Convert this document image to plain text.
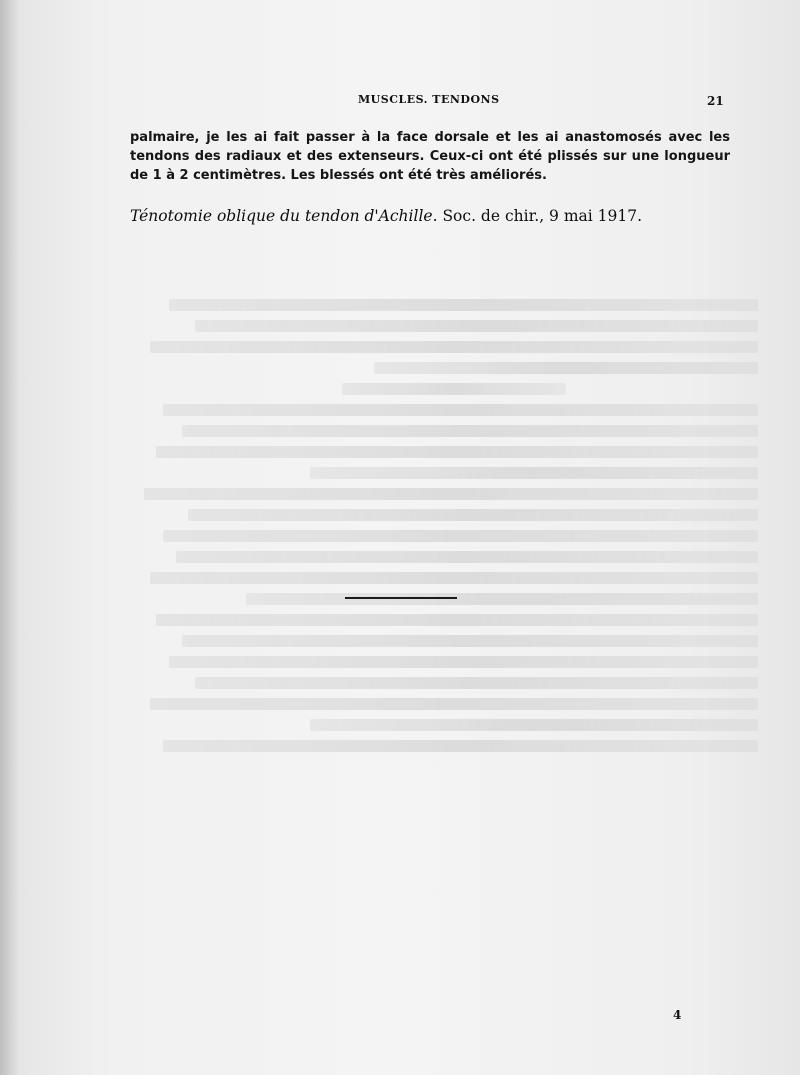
MUSCLES. TENDONS	21

palmaire, je les ai fait passer à la face dorsale et les ai anastomosés avec les tendons des radiaux et des extenseurs. Ceux-ci ont été plissés sur une longueur de 1 à 2 centimètres. Les blessés ont été très améliorés.

Ténotomie oblique du tendon d'Achille. Soc. de chir., 9 mai 1917.
4
